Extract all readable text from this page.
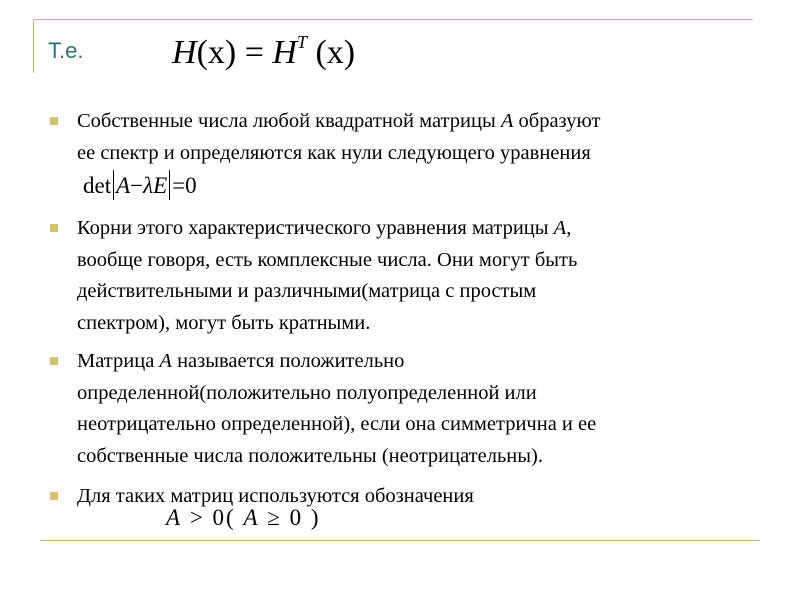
Т.е.	$H(x) = H^T$ (x)
Собственные числа любой квадратной матрицы A образуют
ее спектр и определяются как нули следующего уравнения
det A−λE =0
Корни этого характеристического уравнения матрицы A,
вообще говоря, есть комплексные числа. Они могут быть
действительными и различными(матрица с простым
спектром), могут быть кратными.
Матрица A называется положительно
определенной(положительно полуопределенной или
неотрицательно определенной), если она симметрична и ее
собственные числа положительны (неотрицательны).
Для таких матриц используются обозначения
A > 0( A ≥ 0 )
